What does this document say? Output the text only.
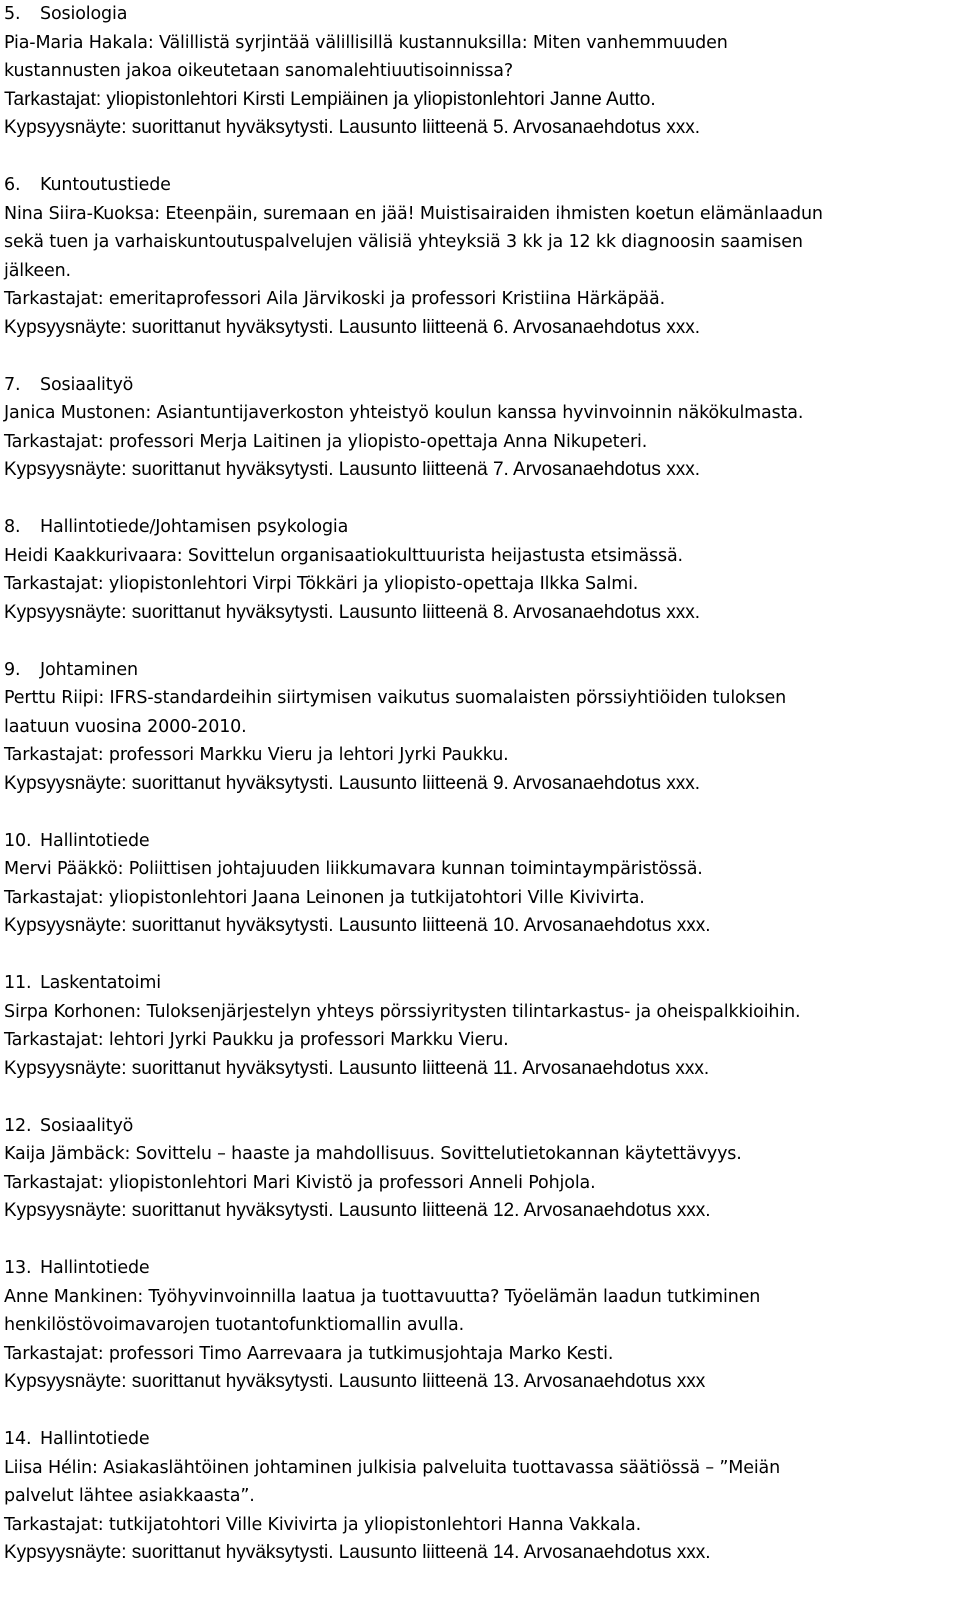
5. Sosiologia
Pia-Maria Hakala: Välillistä syrjintää välillisillä kustannuksilla: Miten vanhemmuuden
kustannusten jakoa oikeutetaan sanomalehtiuutisoinnissa?
Tarkastajat: yliopistonlehtori Kirsti Lempiäinen ja yliopistonlehtori Janne Autto.
Kypsyysnäyte: suorittanut hyväksytysti. Lausunto liitteenä 5. Arvosanaehdotus xxx.
6. Kuntoutustiede
Nina Siira-Kuoksa: Eteenpäin, suremaan en jää! Muistisairaiden ihmisten koetun elämänlaadun
sekä tuen ja varhaiskuntoutuspalvelujen välisiä yhteyksiä 3 kk ja 12 kk diagnoosin saamisen
jälkeen.
Tarkastajat: emeritaprofessori Aila Järvikoski ja professori Kristiina Härkäpää.
Kypsyysnäyte: suorittanut hyväksytysti. Lausunto liitteenä 6. Arvosanaehdotus xxx.
7. Sosiaalityö
Janica Mustonen: Asiantuntijaverkoston yhteistyö koulun kanssa hyvinvoinnin näkökulmasta.
Tarkastajat: professori Merja Laitinen ja yliopisto-opettaja Anna Nikupeteri.
Kypsyysnäyte: suorittanut hyväksytysti. Lausunto liitteenä 7. Arvosanaehdotus xxx.
8. Hallintotiede/Johtamisen psykologia
Heidi Kaakkurivaara: Sovittelun organisaatiokulttuurista heijastusta etsimässä.
Tarkastajat: yliopistonlehtori Virpi Tökkäri ja yliopisto-opettaja Ilkka Salmi.
Kypsyysnäyte: suorittanut hyväksytysti. Lausunto liitteenä 8. Arvosanaehdotus xxx.
9. Johtaminen
Perttu Riipi: IFRS-standardeihin siirtymisen vaikutus suomalaisten pörssiyhtiöiden tuloksen
laatuun vuosina 2000-2010.
Tarkastajat: professori Markku Vieru ja lehtori Jyrki Paukku.
Kypsyysnäyte: suorittanut hyväksytysti. Lausunto liitteenä 9. Arvosanaehdotus xxx.
10. Hallintotiede
Mervi Pääkkö: Poliittisen johtajuuden liikkumavara kunnan toimintaympäristössä.
Tarkastajat: yliopistonlehtori Jaana Leinonen ja tutkijatohtori Ville Kivivirta.
Kypsyysnäyte: suorittanut hyväksytysti. Lausunto liitteenä 10. Arvosanaehdotus xxx.
11. Laskentatoimi
Sirpa Korhonen: Tuloksenjärjestelyn yhteys pörssiyritysten tilintarkastus- ja oheispalkkioihin.
Tarkastajat: lehtori Jyrki Paukku ja professori Markku Vieru.
Kypsyysnäyte: suorittanut hyväksytysti. Lausunto liitteenä 11. Arvosanaehdotus xxx.
12. Sosiaalityö
Kaija Jämbäck: Sovittelu – haaste ja mahdollisuus. Sovittelutietokannan käytettävyys.
Tarkastajat: yliopistonlehtori Mari Kivistö ja professori Anneli Pohjola.
Kypsyysnäyte: suorittanut hyväksytysti. Lausunto liitteenä 12. Arvosanaehdotus xxx.
13. Hallintotiede
Anne Mankinen: Työhyvinvoinnilla laatua ja tuottavuutta? Työelämän laadun tutkiminen
henkilöstövoimavarojen tuotantofunktiomallin avulla.
Tarkastajat: professori Timo Aarrevaara ja tutkimusjohtaja Marko Kesti.
Kypsyysnäyte: suorittanut hyväksytysti. Lausunto liitteenä 13. Arvosanaehdotus xxx
14. Hallintotiede
Liisa Hélin: Asiakaslähtöinen johtaminen julkisia palveluita tuottavassa säätiössä – ”Meiän
palvelut lähtee asiakkaasta”.
Tarkastajat: tutkijatohtori Ville Kivivirta ja yliopistonlehtori Hanna Vakkala.
Kypsyysnäyte: suorittanut hyväksytysti. Lausunto liitteenä 14. Arvosanaehdotus xxx.
